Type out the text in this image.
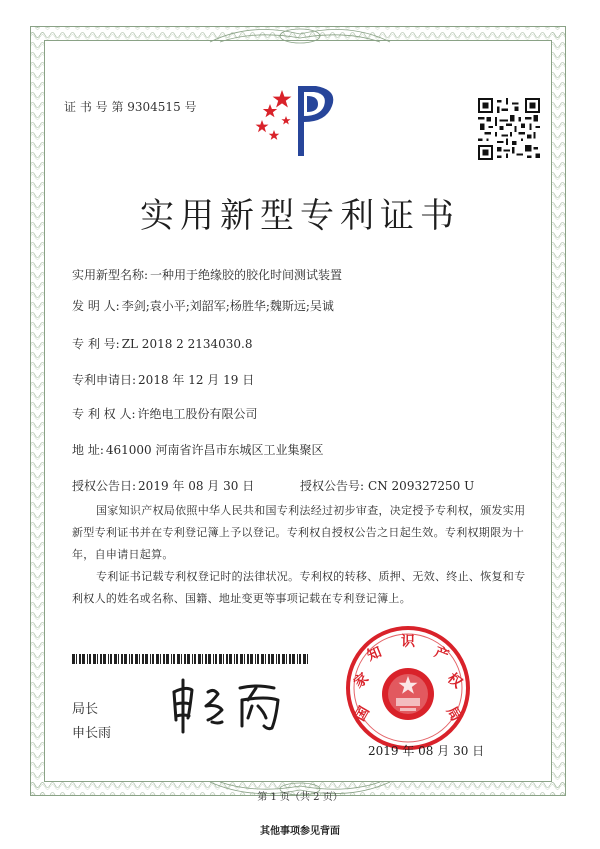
证 书 号 第 9304515 号
实用新型专利证书
实用新型名称: 一种用于绝缘胶的胶化时间测试装置
发 明 人: 李剑;袁小平;刘韶军;杨胜华;魏斯远;吴诚
专 利 号: ZL 2018 2 2134030.8
专利申请日: 2018 年 12 月 19 日
专 利 权 人: 许绝电工股份有限公司
地 址: 461000 河南省许昌市东城区工业集聚区
授权公告日: 2019 年 08 月 30 日	授权公告号: CN 209327250 U
国家知识产权局依照中华人民共和国专利法经过初步审查，决定授予专利权，颁发实用新型专利证书并在专利登记簿上予以登记。专利权自授权公告之日起生效。专利权期限为十年，自申请日起算。
专利证书记载专利权登记时的法律状况。专利权的转移、质押、无效、终止、恢复和专利权人的姓名或名称、国籍、地址变更等事项记载在专利登记簿上。
局长
申长雨
国
家
知
识
产
权
局
2019 年 08 月 30 日
第 1 页（共 2 页）
其他事项参见背面
